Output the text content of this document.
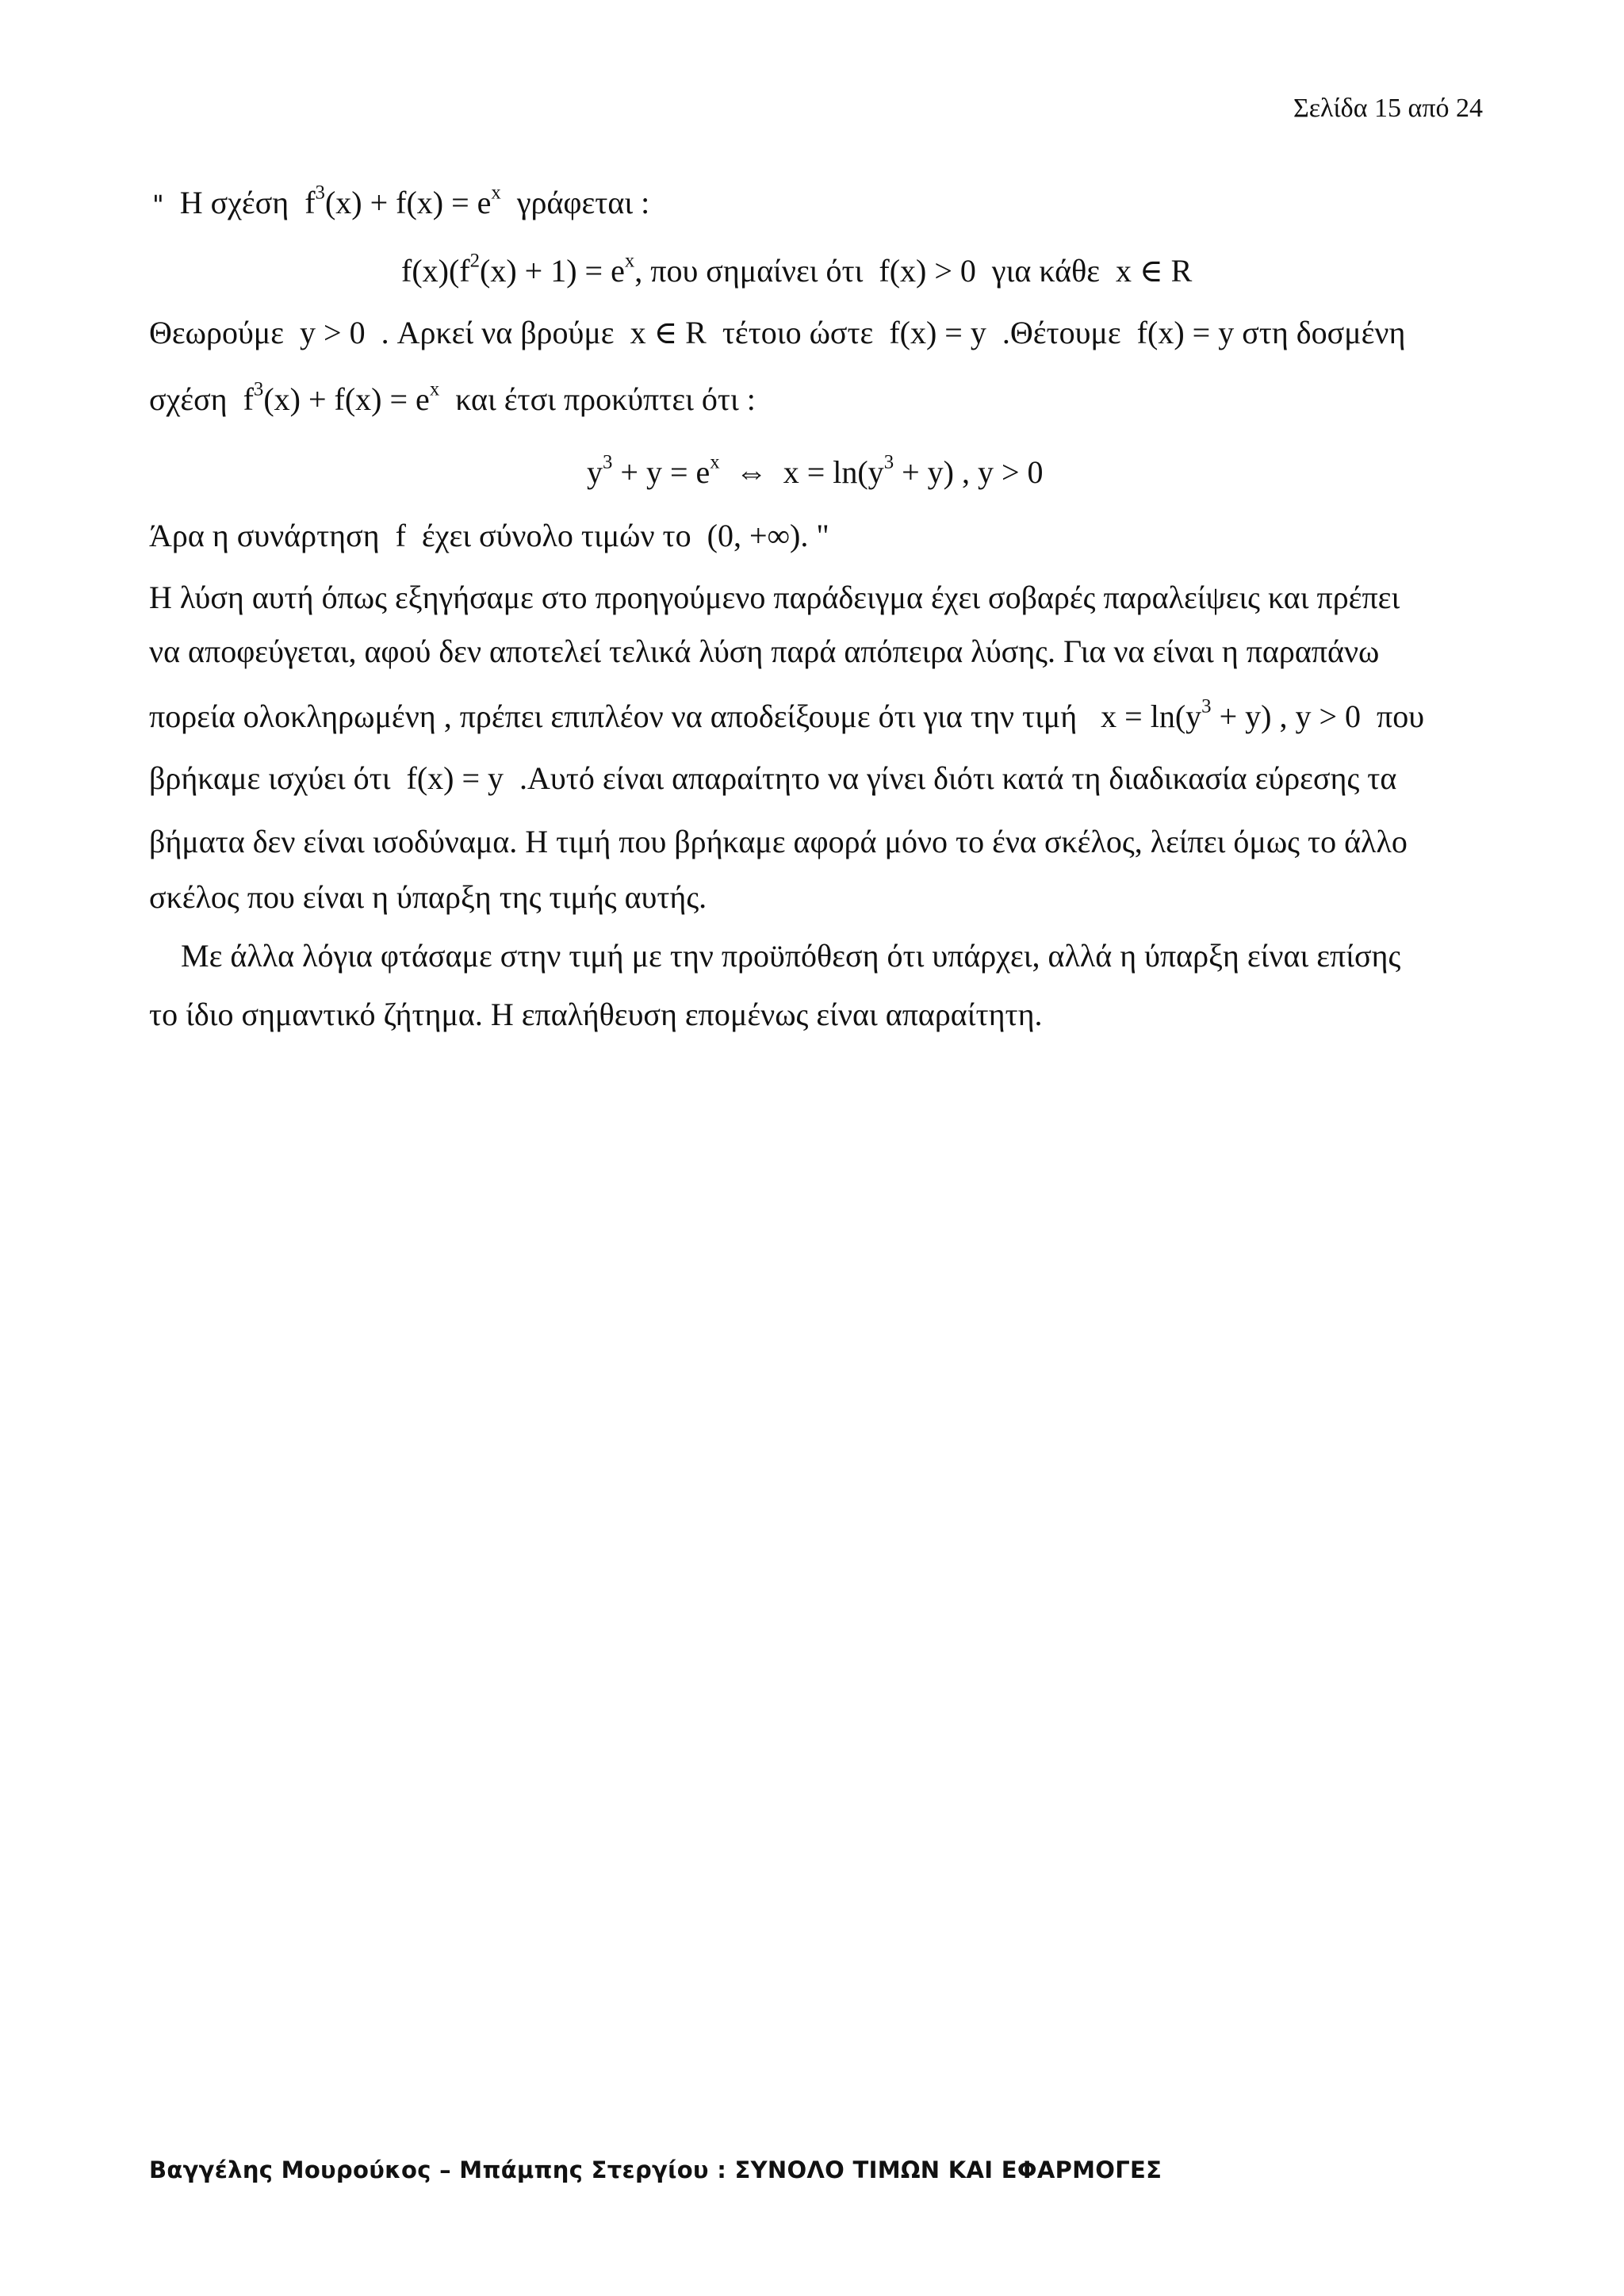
Σελίδα 15 από 24
" Η σχέση $f^3(x) + f(x) = e^x$ γράφεται :
$f(x)(f^2(x) + 1) = e^x$, που σημαίνει ότι f(x) > 0 για κάθε x ∈ R
Θεωρούμε y > 0 . Αρκεί να βρούμε x ∈ R τέτοιο ώστε f(x) = y .Θέτουμε f(x) = y στη δοσμένη
σχέση $f^3(x) + f(x) = e^x$ και έτσι προκύπτει ότι :
$y^3 + y = e^x$  ⇔  $x = \ln(y^3 + y)$ , y > 0
Άρα η συνάρτηση f έχει σύνολο τιμών το (0, +∞). "
Η λύση αυτή όπως εξηγήσαμε στο προηγούμενο παράδειγμα έχει σοβαρές παραλείψεις και πρέπει
να αποφεύγεται, αφού δεν αποτελεί τελικά λύση παρά απόπειρα λύσης. Για να είναι η παραπάνω
πορεία ολοκληρωμένη , πρέπει επιπλέον να αποδείξουμε ότι για την τιμή $x = \ln(y^3 + y)$ , y > 0 που
βρήκαμε ισχύει ότι f(x) = y .Αυτό είναι απαραίτητο να γίνει διότι κατά τη διαδικασία εύρεσης τα
βήματα δεν είναι ισοδύναμα. Η τιμή που βρήκαμε αφορά μόνο το ένα σκέλος, λείπει όμως το άλλο
σκέλος που είναι η ύπαρξη της τιμής αυτής.
Με άλλα λόγια φτάσαμε στην τιμή με την προϋπόθεση ότι υπάρχει, αλλά η ύπαρξη είναι επίσης
το ίδιο σημαντικό ζήτημα. Η επαλήθευση επομένως είναι απαραίτητη.
Βαγγέλης Μουρούκος – Μπάμπης Στεργίου : ΣΥΝΟΛΟ ΤΙΜΩΝ ΚΑΙ ΕΦΑΡΜΟΓΕΣ
